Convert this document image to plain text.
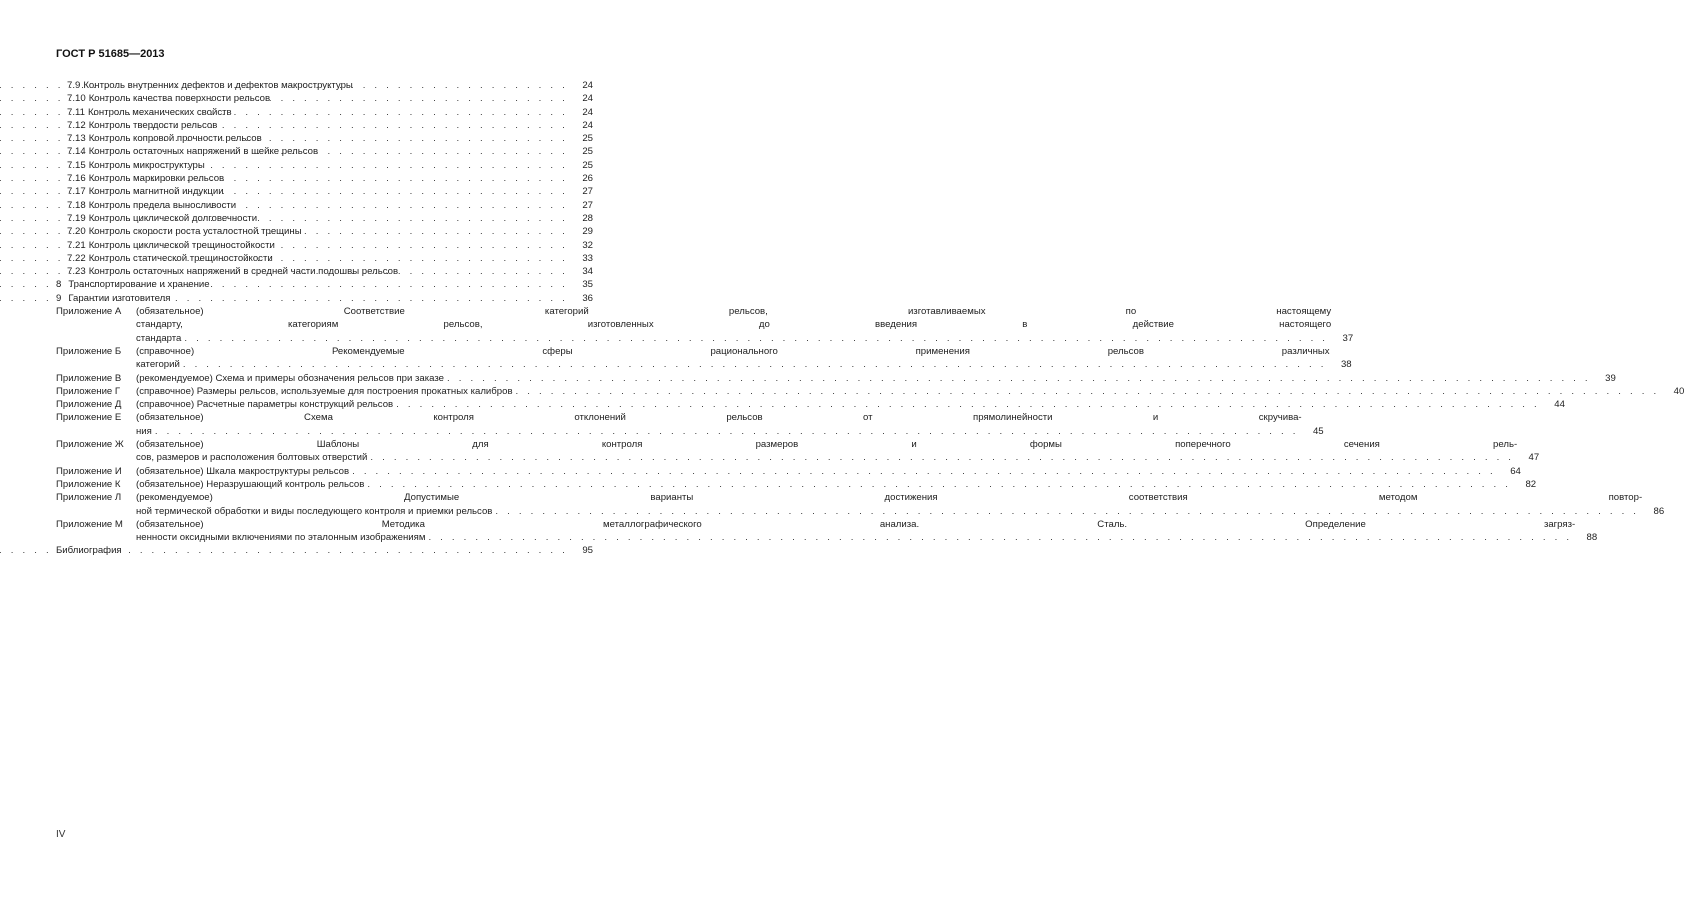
ГОСТ Р 51685—2013
7.9 Контроль внутренних дефектов и дефектов макроструктуры . . .	24
7.10 Контроль качества поверхности рельсов . . .	24
7.11 Контроль механических свойств . . .	24
7.12 Контроль твердости рельсов . . .	24
7.13 Контроль копровой прочности рельсов . . .	25
7.14 Контроль остаточных напряжений в шейке рельсов . . .	25
7.15 Контроль микроструктуры . . .	25
7.16 Контроль маркировки рельсов . . .	26
7.17 Контроль магнитной индукции . . .	27
7.18 Контроль предела выносливости . . .	27
7.19 Контроль циклической долговечности . . .	28
7.20 Контроль скорости роста усталостной трещины . . .	29
7.21 Контроль циклической трещиностойкости . . .	32
7.22 Контроль статической трещиностойкости . . .	33
7.23 Контроль остаточных напряжений в средней части подошвы рельсов . . .	34
8 Транспортирование и хранение . . .	35
9 Гарантии изготовителя . . .	36
Приложение А	(обязательное) Соответствие категорий рельсов, изготавливаемых по настоящему
стандарту, категориям рельсов, изготовленных до введения в действие настоящего
стандарта . . .	37
Приложение Б	(справочное) Рекомендуемые сферы рационального применения рельсов различных
категорий . . .	38
Приложение В	(рекомендуемое) Схема и примеры обозначения рельсов при заказе . . .	39
Приложение Г	(справочное) Размеры рельсов, используемые для построения прокатных калибров . . .	40
Приложение Д	(справочное) Расчетные параметры конструкций рельсов . . .	44
Приложение Е	(обязательное) Схема контроля отклонений рельсов от прямолинейности и скручива-
ния . . .	45
Приложение Ж	(обязательное) Шаблоны для контроля размеров и формы поперечного сечения рель-
сов, размеров и расположения болтовых отверстий . . .	47
Приложение И	(обязательное) Шкала макроструктуры рельсов . . .	64
Приложение К	(обязательное) Неразрушающий контроль рельсов . . .	82
Приложение Л	(рекомендуемое) Допустимые варианты достижения соответствия методом повтор-
ной термической обработки и виды последующего контроля и приемки рельсов . . .	86
Приложение М	(обязательное) Методика металлографического анализа. Сталь. Определение загряз-
ненности оксидными включениями по эталонным изображениям . . .	88
Библиография . . .	95
IV
